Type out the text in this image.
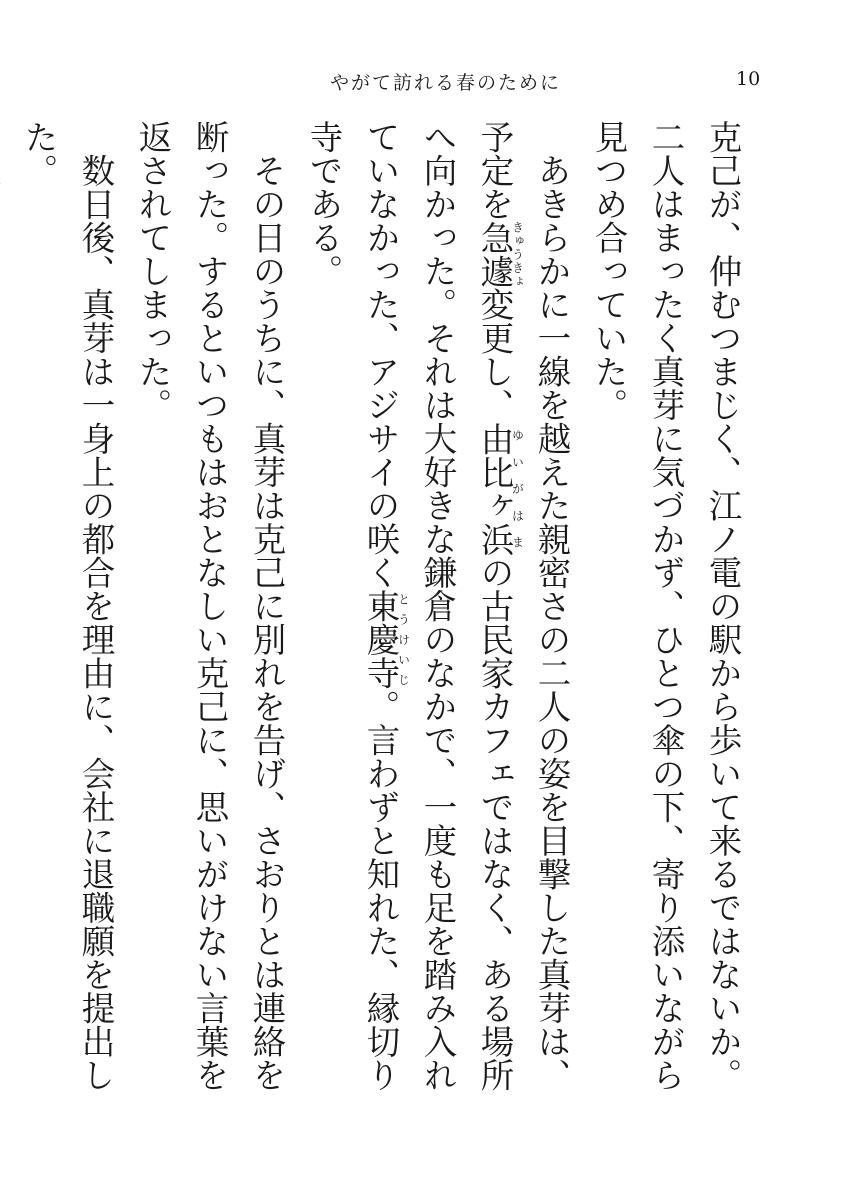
やがて訪れる春のために	10

克己が、仲むつまじく、江ノ電の駅から歩いて来るではないか。二人はまったく真芽に気づかず、ひとつ傘の下、寄り添いながら見つめ合っていた。

　あきらかに一線を越えた親密さの二人の姿を目撃した真芽は、予定を急遽きゅうきょ変更し、由比ヶ浜ゆいがはまの古民家カフェではなく、ある場所へ向かった。それは大好きな鎌倉のなかで、一度も足を踏み入れていなかった、アジサイの咲く東慶寺とうけいじ。言わずと知れた、縁切り寺である。

　その日のうちに、真芽は克己に別れを告げ、さおりとは連絡を断った。するといつもはおとなしい克己に、思いがけない言葉を返されてしまった。

　数日後、真芽は一身上の都合を理由に、会社に退職願を提出した。
